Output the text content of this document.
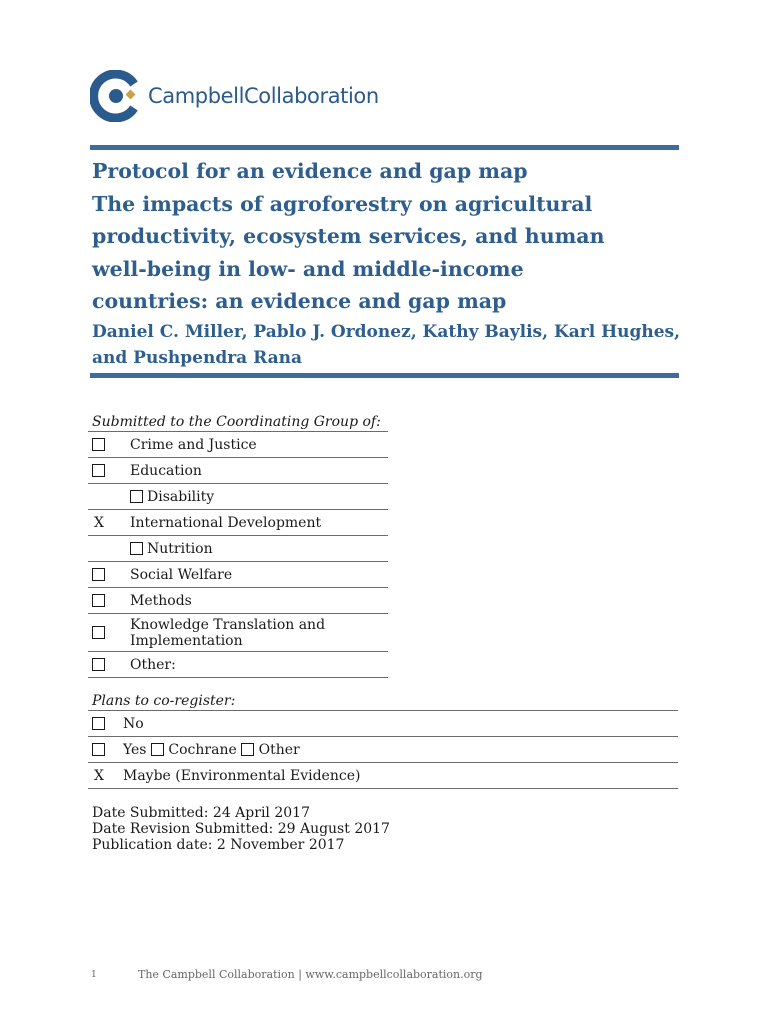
CampbellCollaboration
Protocol for an evidence and gap map
The impacts of agroforestry on agricultural
productivity, ecosystem services, and human
well-being in low- and middle-income
countries: an evidence and gap map
Daniel C. Miller, Pablo J. Ordonez, Kathy Baylis, Karl Hughes, and Pushpendra Rana
Submitted to the Coordinating Group of:
	Crime and Justice
	Education
	Disability
X	International Development
	Nutrition
	Social Welfare
	Methods
	Knowledge Translation and Implementation
	Other:
Plans to co-register:
	No
	Yes Cochrane Other
X	Maybe (Environmental Evidence)
Date Submitted: 24 April 2017
Date Revision Submitted: 29 August 2017
Publication date: 2 November 2017
1	The Campbell Collaboration | www.campbellcollaboration.org
